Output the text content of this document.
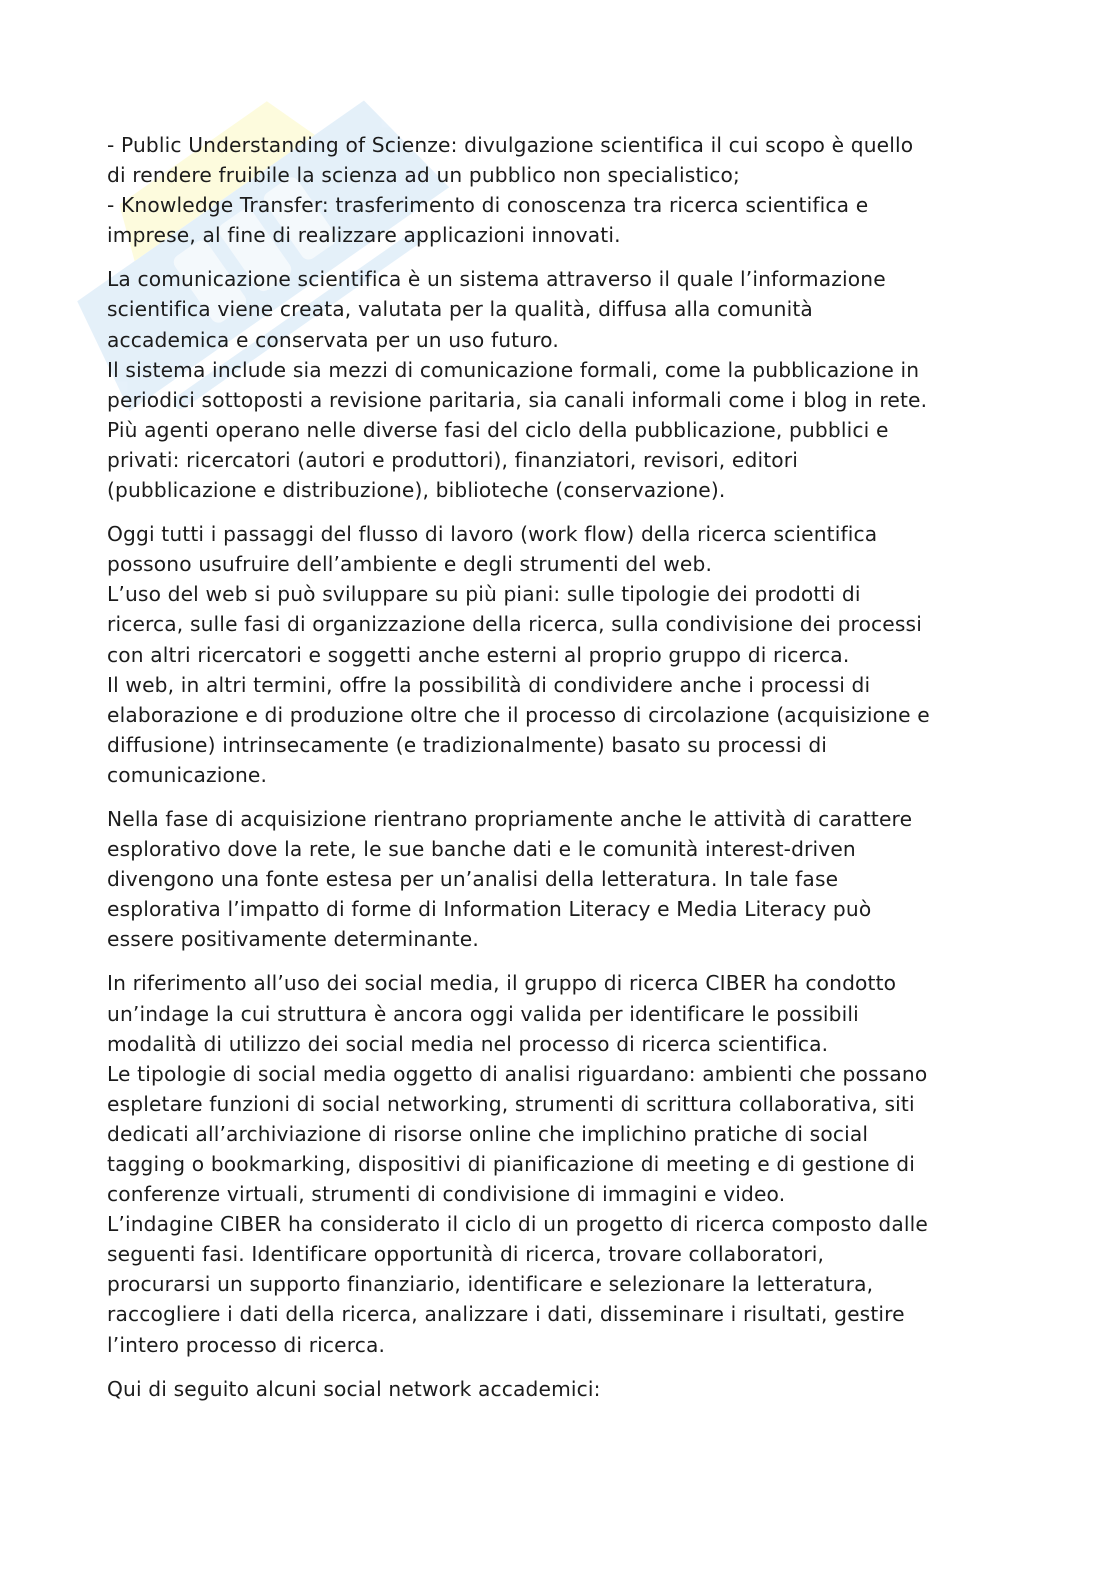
- Public Understanding of Scienze: divulgazione scientifica il cui scopo è quello
di rendere fruibile la scienza ad un pubblico non specialistico;
- Knowledge Transfer: trasferimento di conoscenza tra ricerca scientifica e
imprese, al fine di realizzare applicazioni innovati.

La comunicazione scientifica è un sistema attraverso il quale l’informazione
scientifica viene creata, valutata per la qualità, diffusa alla comunità
accademica e conservata per un uso futuro.
Il sistema include sia mezzi di comunicazione formali, come la pubblicazione in
periodici sottoposti a revisione paritaria, sia canali informali come i blog in rete.
Più agenti operano nelle diverse fasi del ciclo della pubblicazione, pubblici e
privati: ricercatori (autori e produttori), finanziatori, revisori, editori
(pubblicazione e distribuzione), biblioteche (conservazione).

Oggi tutti i passaggi del flusso di lavoro (work flow) della ricerca scientifica
possono usufruire dell’ambiente e degli strumenti del web.
L’uso del web si può sviluppare su più piani: sulle tipologie dei prodotti di
ricerca, sulle fasi di organizzazione della ricerca, sulla condivisione dei processi
con altri ricercatori e soggetti anche esterni al proprio gruppo di ricerca.
Il web, in altri termini, offre la possibilità di condividere anche i processi di
elaborazione e di produzione oltre che il processo di circolazione (acquisizione e
diffusione) intrinsecamente (e tradizionalmente) basato su processi di
comunicazione.

Nella fase di acquisizione rientrano propriamente anche le attività di carattere
esplorativo dove la rete, le sue banche dati e le comunità interest-driven
divengono una fonte estesa per un’analisi della letteratura. In tale fase
esplorativa l’impatto di forme di Information Literacy e Media Literacy può
essere positivamente determinante.

In riferimento all’uso dei social media, il gruppo di ricerca CIBER ha condotto
un’indage la cui struttura è ancora oggi valida per identificare le possibili
modalità di utilizzo dei social media nel processo di ricerca scientifica.
Le tipologie di social media oggetto di analisi riguardano: ambienti che possano
espletare funzioni di social networking, strumenti di scrittura collaborativa, siti
dedicati all’archiviazione di risorse online che implichino pratiche di social
tagging o bookmarking, dispositivi di pianificazione di meeting e di gestione di
conferenze virtuali, strumenti di condivisione di immagini e video.
L’indagine CIBER ha considerato il ciclo di un progetto di ricerca composto dalle
seguenti fasi. Identificare opportunità di ricerca, trovare collaboratori,
procurarsi un supporto finanziario, identificare e selezionare la letteratura,
raccogliere i dati della ricerca, analizzare i dati, disseminare i risultati, gestire
l’intero processo di ricerca.

Qui di seguito alcuni social network accademici:
